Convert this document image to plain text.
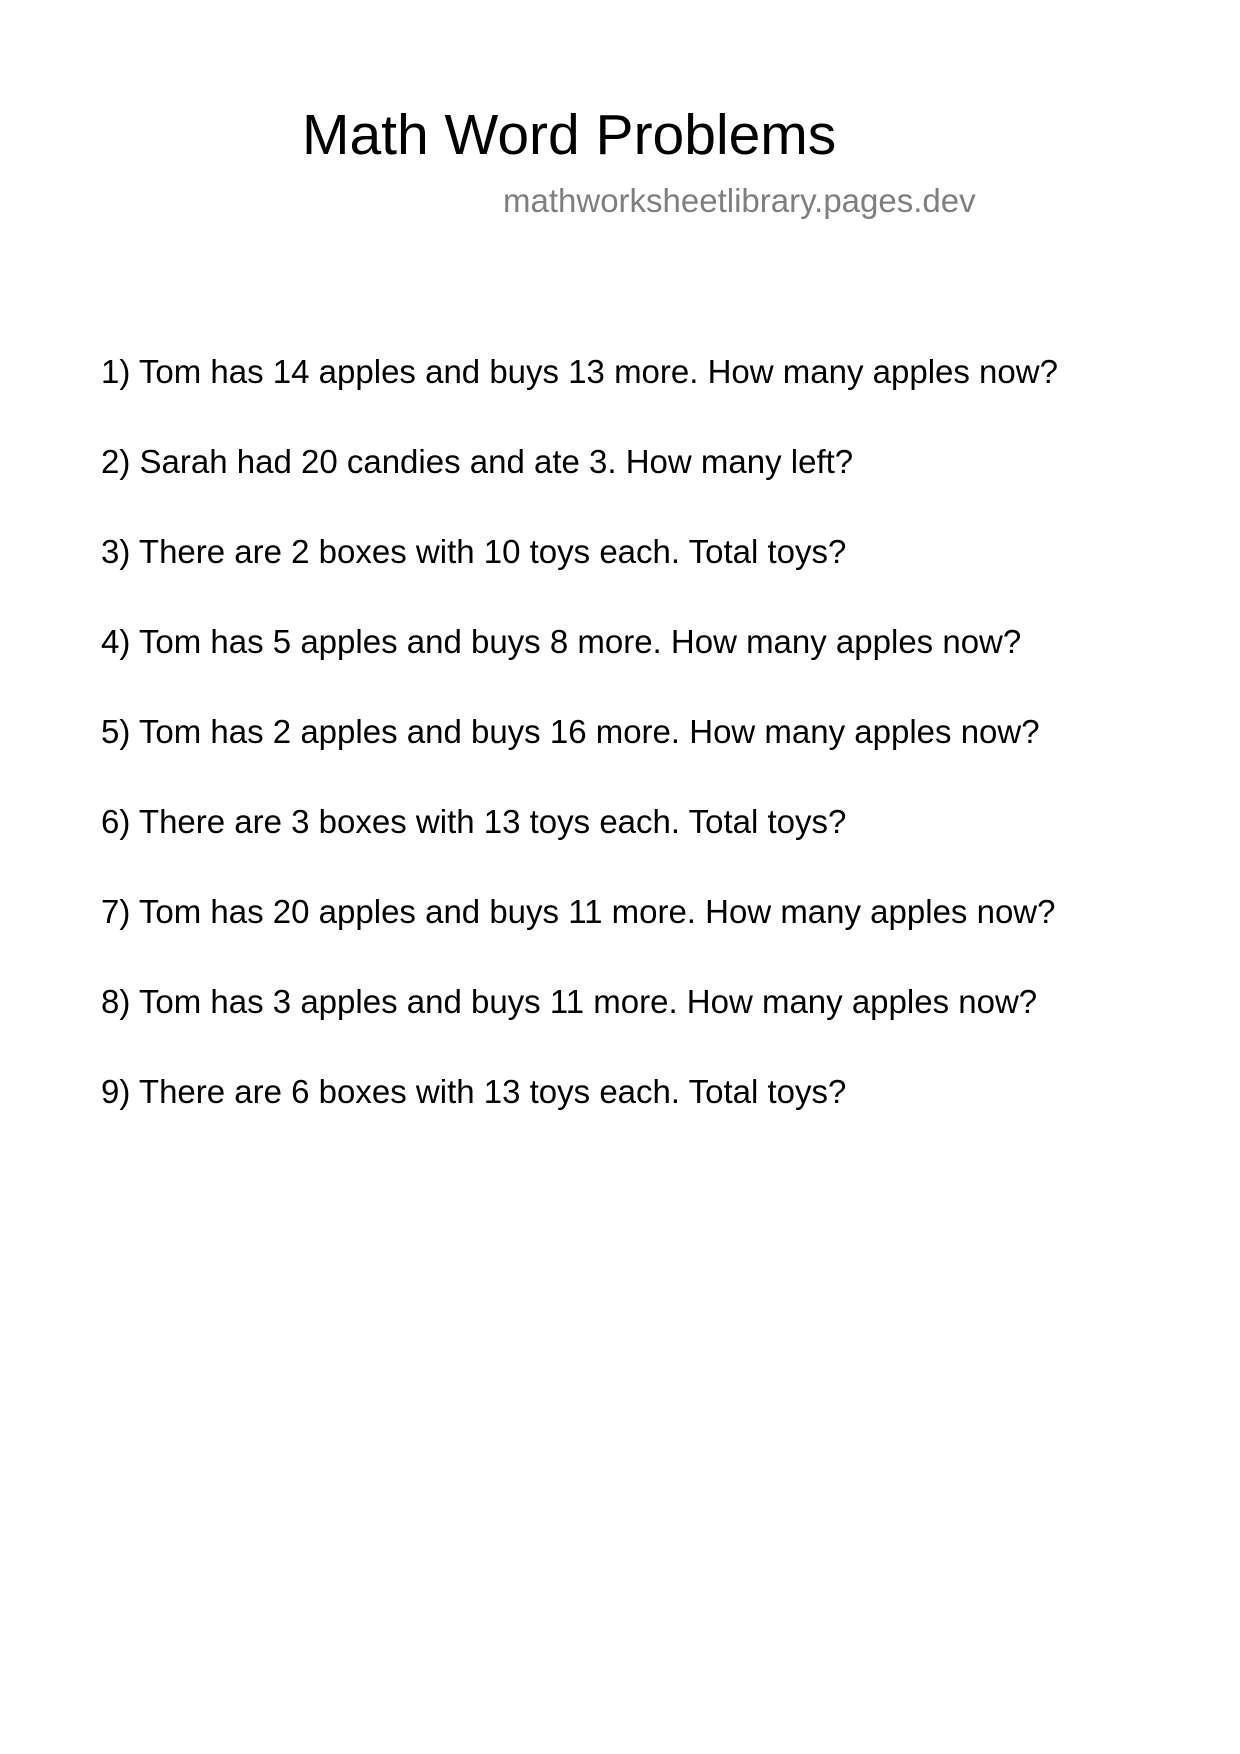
Math Word Problems

mathworksheetlibrary.pages.dev

1) Tom has 14 apples and buys 13 more. How many apples now?
2) Sarah had 20 candies and ate 3. How many left?
3) There are 2 boxes with 10 toys each. Total toys?
4) Tom has 5 apples and buys 8 more. How many apples now?
5) Tom has 2 apples and buys 16 more. How many apples now?
6) There are 3 boxes with 13 toys each. Total toys?
7) Tom has 20 apples and buys 11 more. How many apples now?
8) Tom has 3 apples and buys 11 more. How many apples now?
9) There are 6 boxes with 13 toys each. Total toys?
